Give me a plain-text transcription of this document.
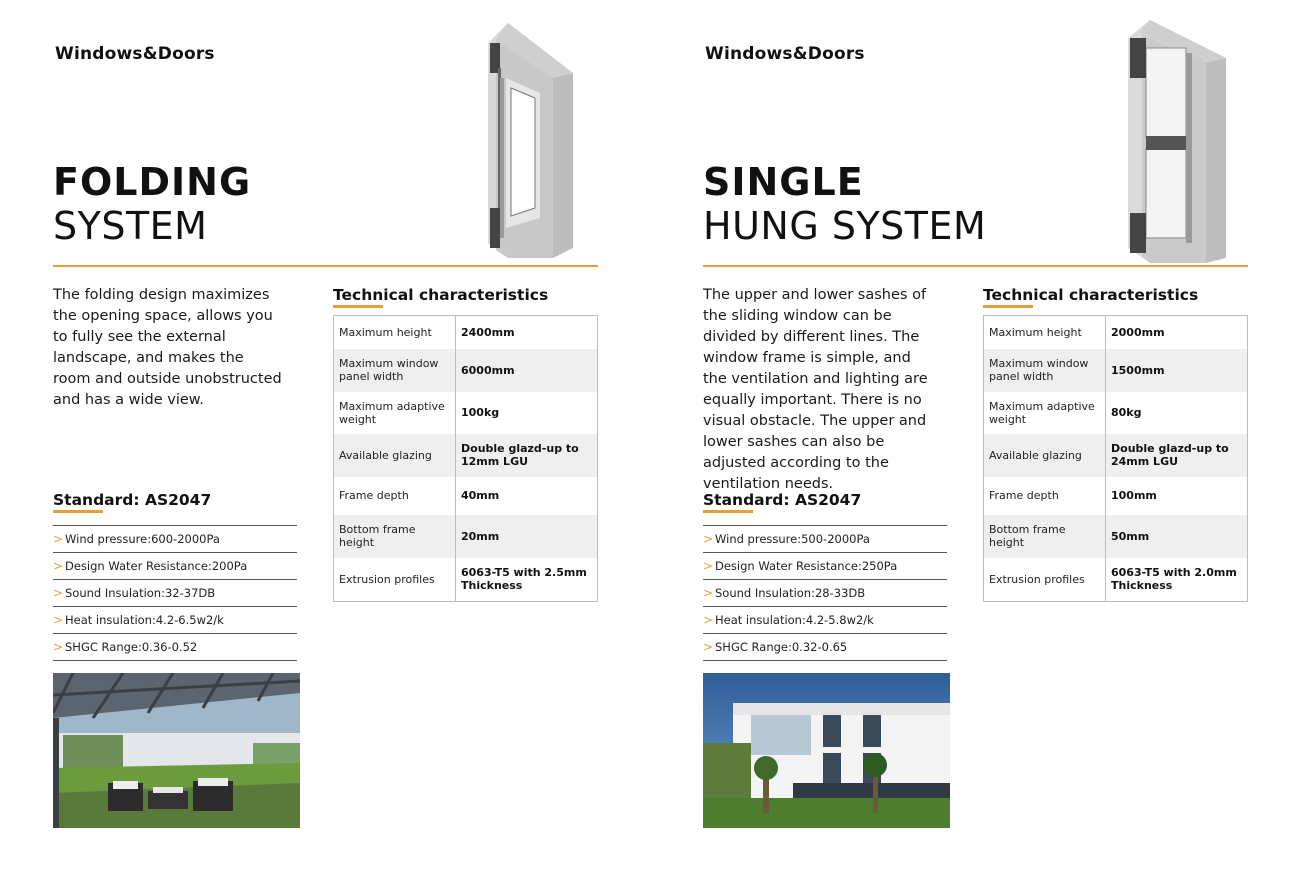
Windows&Doors
FOLDING
SYSTEM

The folding design maximizes the opening space, allows you to fully see the external landscape, and makes the room and outside unobstructed and has a wide view.

Technical characteristics
Maximum height	2400mm
Maximum window panel width	6000mm
Maximum adaptive weight	100kg
Available glazing	Double glazd-up to 12mm LGU
Frame depth	40mm
Bottom frame height	20mm
Extrusion profiles	6063-T5 with 2.5mm Thickness
Standard: AS2047
> Wind pressure:600-2000Pa
> Design Water Resistance:200Pa
> Sound Insulation:32-37DB
> Heat insulation:4.2-6.5w2/k
> SHGC Range:0.36-0.52
Windows&Doors
SINGLE
HUNG SYSTEM

The upper and lower sashes of the sliding window can be divided by different lines. The window frame is simple, and the ventilation and lighting are equally important. There is no visual obstacle. The upper and lower sashes can also be adjusted according to the ventilation needs.

Technical characteristics
Maximum height	2000mm
Maximum window panel width	1500mm
Maximum adaptive weight	80kg
Available glazing	Double glazd-up to 24mm LGU
Frame depth	100mm
Bottom frame height	50mm
Extrusion profiles	6063-T5 with 2.0mm Thickness
Standard: AS2047
> Wind pressure:500-2000Pa
> Design Water Resistance:250Pa
> Sound Insulation:28-33DB
> Heat insulation:4.2-5.8w2/k
> SHGC Range:0.32-0.65
